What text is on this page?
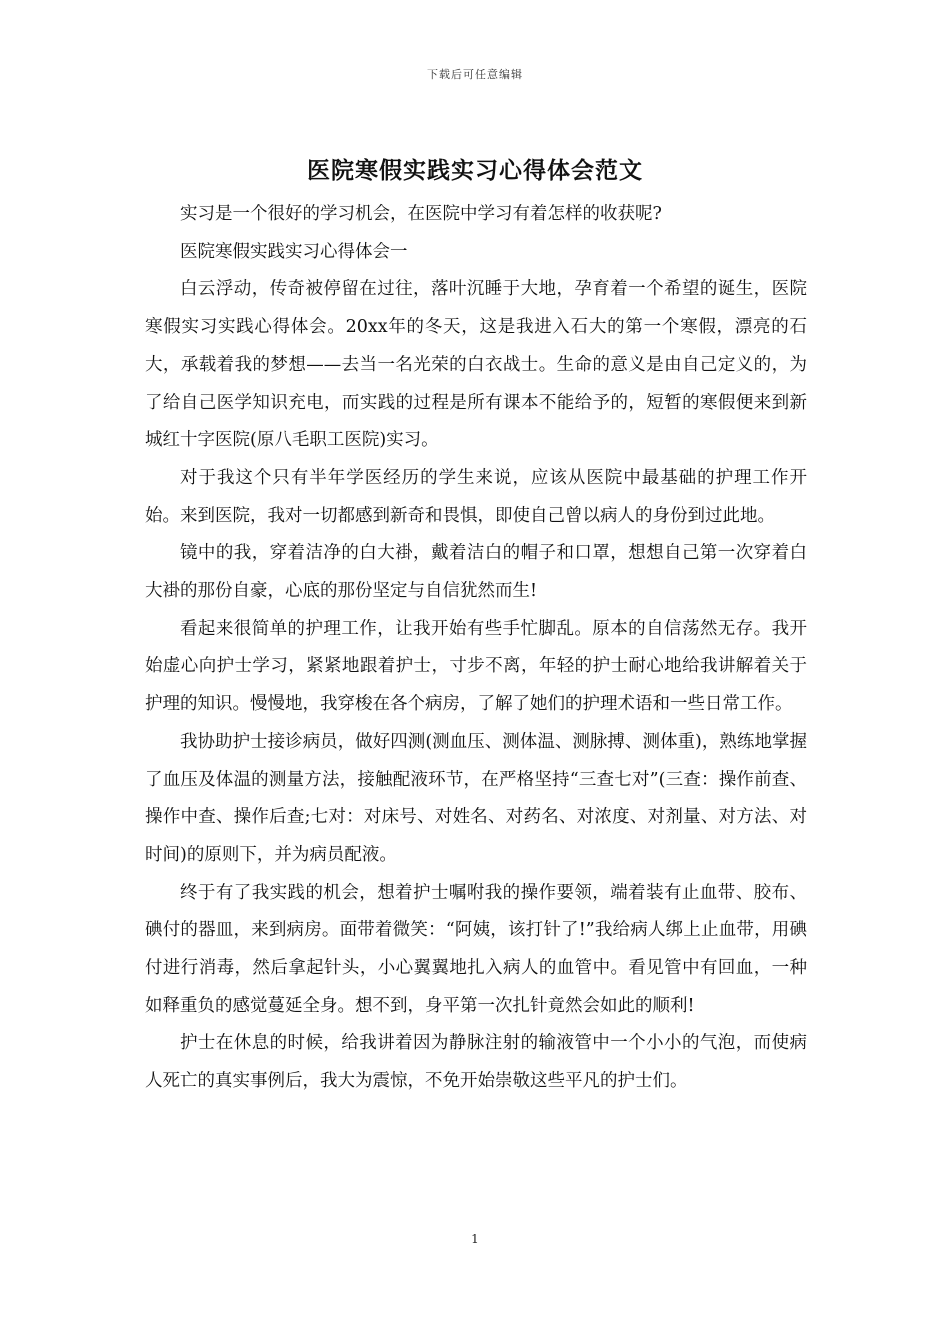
下载后可任意编辑
医院寒假实践实习心得体会范文

实习是一个很好的学习机会，在医院中学习有着怎样的收获呢?

医院寒假实践实习心得体会一

白云浮动，传奇被停留在过往，落叶沉睡于大地，孕育着一个希望的诞生，医院寒假实习实践心得体会。20xx年的冬天，这是我进入石大的第一个寒假，漂亮的石大，承载着我的梦想——去当一名光荣的白衣战士。生命的意义是由自己定义的，为了给自己医学知识充电，而实践的过程是所有课本不能给予的，短暂的寒假便来到新城红十字医院(原八毛职工医院)实习。

对于我这个只有半年学医经历的学生来说，应该从医院中最基础的护理工作开始。来到医院，我对一切都感到新奇和畏惧，即使自己曾以病人的身份到过此地。

镜中的我，穿着洁净的白大褂，戴着洁白的帽子和口罩，想想自己第一次穿着白大褂的那份自豪，心底的那份坚定与自信犹然而生!

看起来很简单的护理工作，让我开始有些手忙脚乱。原本的自信荡然无存。我开始虚心向护士学习，紧紧地跟着护士，寸步不离，年轻的护士耐心地给我讲解着关于护理的知识。慢慢地，我穿梭在各个病房，了解了她们的护理术语和一些日常工作。

我协助护士接诊病员，做好四测(测血压、测体温、测脉搏、测体重)，熟练地掌握了血压及体温的测量方法，接触配液环节，在严格坚持“三查七对”(三查：操作前查、操作中查、操作后查;七对：对床号、对姓名、对药名、对浓度、对剂量、对方法、对时间)的原则下，并为病员配液。

终于有了我实践的机会，想着护士嘱咐我的操作要领，端着装有止血带、胶布、碘付的器皿，来到病房。面带着微笑：“阿姨，该打针了!”我给病人绑上止血带，用碘付进行消毒，然后拿起针头，小心翼翼地扎入病人的血管中。看见管中有回血，一种如释重负的感觉蔓延全身。想不到，身平第一次扎针竟然会如此的顺利!

护士在休息的时候，给我讲着因为静脉注射的输液管中一个小小的气泡，而使病人死亡的真实事例后，我大为震惊，不免开始崇敬这些平凡的护士们。

1
